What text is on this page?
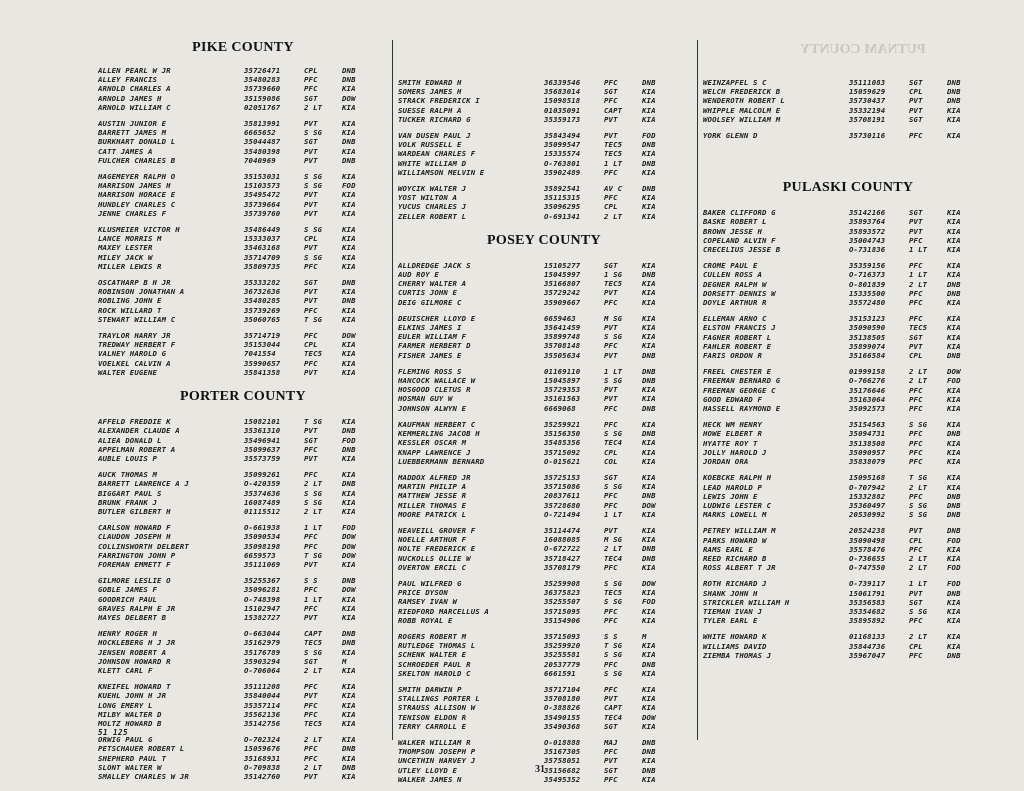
PUTNAM COUNTY
PIKE COUNTY
ALLEN PEARL W JR	35726471	CPL	DNB
ALLEY FRANCIS	35480283	PFC	DNB
ARNOLD CHARLES A	35739660	PFC	KIA
ARNOLD JAMES H	35159086	SGT	DOW
ARNOLD WILLIAM C	02051767	2 LT	KIA
AUSTIN JUNIOR E	35813991	PVT	KIA
BARRETT JAMES M	6665652	S SG	KIA
BURKHART DONALD L	35044487	SGT	DNB
CATT JAMES A	35480398	PVT	KIA
FULCHER CHARLES B	7040969	PVT	DNB
HAGEMEYER RALPH O	35153031	S SG	KIA
HARRISON JAMES H	15103573	S SG	FOD
HARRISON HORACE E	35495472	PVT	KIA
HUNDLEY CHARLES C	35739664	PVT	KIA
JENNE CHARLES F	35739760	PVT	KIA
KLUSMEIER VICTOR H	35486449	S SG	KIA
LANCE MORRIS M	15333037	CPL	KIA
MAXEY LESTER	35463168	PVT	KIA
MILEY JACK W	35714709	S SG	KIA
MILLER LEWIS R	35809735	PFC	KIA
OSCATHARP B H JR	35333282	SGT	DNB
ROBINSON JONATHAN A	36732636	PVT	KIA
ROBLING JOHN E	35480285	PVT	DNB
ROCK WILLARD T	35739269	PFC	KIA
STEWART WILLIAM C	35060765	T SG	KIA
TRAYLOR HARRY JR	35714719	PFC	DOW
TREDWAY HERBERT F	35153044	CPL	KIA
VALNEY HAROLD G	7041554	TEC5	KIA
VOELKEL CALVIN A	35990657	PFC	KIA
WALTER EUGENE	35841358	PVT	KIA
PORTER COUNTY
AFFELD FREDDIE K	15082101	T SG	KIA
ALEXANDER CLAUDE A	35361310	PVT	DNB
ALIEA DONALD L	35496941	SGT	FOD
APPELMAN ROBERT A	35099637	PFC	DNB
AUBLE LOUIS P	35573759	PVT	KIA
AUCK THOMAS M	35099261	PFC	KIA
BARRETT LAWRENCE A J	O-420359	2 LT	DNB
BIGGART PAUL S	35374636	S SG	KIA
BRUNK FRANK J	16087489	S SG	KIA
BUTLER GILBERT H	01115512	2 LT	KIA
CARLSON HOWARD F	O-661938	1 LT	FOD
CLAUDON JOSEPH H	35090534	PFC	DOW
COLLINSWORTH DELBERT	35098198	PFC	DOW
FARRINGTON JOHN P	6659573	T SG	DOW
FOREMAN EMMETT F	35111069	PVT	KIA
GILMORE LESLIE O	35255367	S S	DNB
GOBLE JAMES F	35096281	PFC	DOW
GOODRICH PAUL	O-748398	1 LT	KIA
GRAVES RALPH E JR	15102947	PFC	KIA
HAYES DELBERT B	15382727	PVT	KIA
HENRY ROGER H	O-663044	CAPT	DNB
HOCKLEBERG H J JR	35162979	TEC5	DNB
JENSEN ROBERT A	35176789	S SG	KIA
JOHNSON HOWARD R	35903294	SGT	M
KLETT CARL F	O-706064	2 LT	KIA
KNEIFEL HOWARD T	35111208	PFC	KIA
KUEHL JOHN H JR	35840044	PVT	KIA
LONG EMERY L	35357114	PFC	KIA
MILBY WALTER D	35562136	PFC	KIA
MOLTZ HOWARD B	35142756	TEC5	KIA
ORWIG PAUL G	O-702324	2 LT	KIA
PETSCHAUER ROBERT L	15059676	PFC	DNB
SHEPHERD PAUL T	35168931	PFC	KIA
SLONT WALTER W	O-709838	2 LT	DNB
SMALLEY CHARLES W JR	35142760	PVT	KIA
SMITH EDWARD H	36339546	PFC	DNB
SOMERS JAMES H	35683014	SGT	KIA
STRACK FREDERICK I	15098518	PFC	KIA
SUESSE RALPH A	01035091	CAPT	KIA
TUCKER RICHARD G	35359173	PVT	KIA
VAN DUSEN PAUL J	35843494	PVT	FOD
VOLK RUSSELL E	35099547	TEC5	DNB
WARDEAN CHARLES F	15335574	TEC5	KIA
WHITE WILLIAM D	O-763801	1 LT	DNB
WILLIAMSON MELVIN E	35902489	PFC	KIA
WOYCIK WALTER J	35892541	AV C	DNB
YOST WILTON A	35115315	PFC	KIA
YUCUS CHARLES J	35096295	CPL	KIA
ZELLER ROBERT L	O-691341	2 LT	KIA
POSEY COUNTY
ALLDREDGE JACK S	15105277	SGT	KIA
AUD ROY E	15045997	1 SG	DNB
CHERRY WALTER A	35166807	TEC5	KIA
CURTIS JOHN E	35729242	PVT	KIA
DEIG GILMORE C	35909667	PFC	KIA
DEUISCHER LLOYD E	6659463	M SG	KIA
ELKINS JAMES I	35641459	PVT	KIA
EULER WILLIAM F	35899748	S SG	KIA
FARMER HERBERT D	35708148	PFC	KIA
FISHER JAMES E	35505634	PVT	DNB
FLEMING ROSS S	01169110	1 LT	DNB
HANCOCK WALLACE W	15045897	S SG	DNB
HOSGOOD CLETUS R	35729353	PVT	KIA
HOSMAN GUY W	35161563	PVT	KIA
JOHNSON ALWYN E	6669068	PFC	DNB
KAUFMAN HERBERT C	35259921	PFC	KIA
KEMMERLING JACOB H	35156350	S SG	DNB
KESSLER OSCAR M	35485356	TEC4	KIA
KNAPP LAWRENCE J	35715092	CPL	KIA
LUEBBERMANN BERNARD	O-015621	COL	KIA
MADDOX ALFRED JR	35725153	SGT	KIA
MARTIN PHILIP A	35715086	S SG	KIA
MATTHEW JESSE R	20837611	PFC	DNB
MILLER THOMAS E	35728680	PFC	DOW
MOORE PATRICK L	O-721494	1 LT	KIA
NEAVEILL GROVER F	35114474	PVT	KIA
NOELLE ARTHUR F	16088085	M SG	KIA
NOLTE FREDERICK E	O-672722	2 LT	DNB
NUCKOLLS OLLIE W	35718427	TEC4	DNB
OVERTON ERCIL C	35708179	PFC	KIA
PAUL WILFRED G	35259908	S SG	DOW
PRICE DYSON	36375823	TEC5	KIA
RAMSEY IVAN W	35255507	S SG	FOD
RIEDFORD MARCELLUS A	35715095	PFC	KIA
ROBB ROYAL E	35154906	PFC	KIA
ROGERS ROBERT M	35715093	S S	M
RUTLEDGE THOMAS L	35259920	T SG	KIA
SCHENK WALTER E	35255581	S SG	KIA
SCHROEDER PAUL R	20537779	PFC	DNB
SKELTON HAROLD C	6661591	S SG	KIA
SMITH DARWIN P	35717104	PFC	KIA
STALLINGS PORTER L	35708180	PVT	KIA
STRAUSS ALLISON W	O-388826	CAPT	KIA
TENISON ELDON R	35490155	TEC4	DOW
TERRY CARROLL E	35490368	SGT	KIA
WALKER WILLIAM R	O-018888	MAJ	DNB
THOMPSON JOSEPH P	35167305	PFC	DNB
UNCETHIN HARVEY J	35758051	PVT	KIA
UTLEY LLOYD E	35156682	SGT	DNB
WALKER JAMES N	35495352	PFC	KIA
WEINZAPFEL S C	35111083	SGT	DNB
WELCH FREDERICK B	15059629	CPL	DNB
WENDEROTH ROBERT L	35730437	PVT	DNB
WHIPPLE MALCOLM E	35332194	PVT	KIA
WOOLSEY WILLIAM M	35708191	SGT	KIA
YORK GLENN D	35730116	PFC	KIA
PULASKI COUNTY
BAKER CLIFFORD G	35142166	SGT	KIA
BASKE ROBERT L	35893764	PVT	KIA
BROWN JESSE H	35893572	PVT	KIA
COPELAND ALVIN F	35004743	PFC	KIA
CRECELIUS JESSE B	O-731836	1 LT	KIA
CROME PAUL E	35359156	PFC	KIA
CULLEN ROSS A	O-716373	1 LT	KIA
DEGNER RALPH W	O-801839	2 LT	DNB
DORSETT DENNIS W	15335500	PFC	DNB
DOYLE ARTHUR R	35572480	PFC	KIA
ELLEMAN ARNO C	35153123	PFC	KIA
ELSTON FRANCIS J	35090590	TEC5	KIA
FAGNER ROBERT L	35138505	SGT	KIA
FAHLER ROBERT E	35899074	PVT	KIA
FARIS ORDON R	35166584	CPL	DNB
FREEL CHESTER E	01999158	2 LT	DOW
FREEMAN BERNARD G	O-766276	2 LT	FOD
FREEMAN GEORGE C	35176646	PFC	KIA
GOOD EDWARD F	35163064	PFC	KIA
HASSELL RAYMOND E	35092573	PFC	KIA
HECK WM HENRY	35154563	S SG	KIA
HOWE ELBERT R	35094731	PFC	DNB
HYATTE ROY T	35138508	PFC	KIA
JOLLY HAROLD J	35090957	PFC	KIA
JORDAN ORA	35838079	PFC	KIA
KOEBCKE RALPH H	15095168	T SG	KIA
LEAD HAROLD P	O-707942	2 LT	KIA
LEWIS JOHN E	15332882	PFC	DNB
LUDWIG LESTER C	35360497	S SG	DNB
MARKS LOWELL M	20530992	S SG	DNB
PETREY WILLIAM M	20524238	PVT	DNB
PARKS HOWARD W	35090498	CPL	FOD
RAMS EARL E	35578476	PFC	KIA
REED RICHARD B	O-736655	2 LT	KIA
ROSS ALBERT T JR	O-747550	2 LT	FOD
ROTH RICHARD J	O-739117	1 LT	FOD
SHANK JOHN H	15061791	PVT	DNB
STRICKLER WILLIAM H	35356583	SGT	KIA
TIEMAN IVAN J	35354682	S SG	KIA
TYLER EARL E	35895892	PFC	KIA
WHITE HOWARD K	01168133	2 LT	KIA
WILLIAMS DAVID	35844736	CPL	KIA
ZIEMBA THOMAS J	35967047	PFC	DNB
51 125
31
